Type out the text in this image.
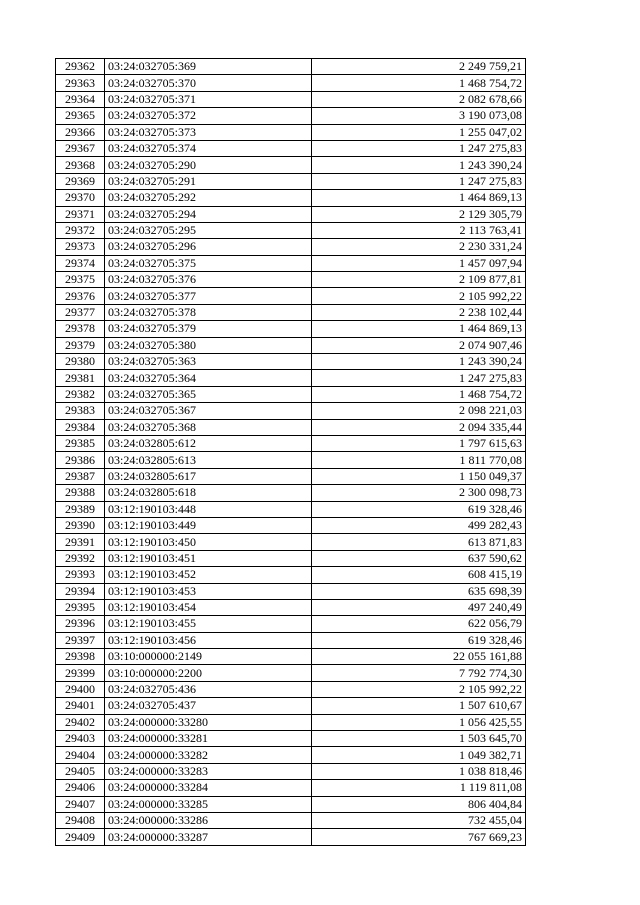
29362	03:24:032705:369	2 249 759,21
29363	03:24:032705:370	1 468 754,72
29364	03:24:032705:371	2 082 678,66
29365	03:24:032705:372	3 190 073,08
29366	03:24:032705:373	1 255 047,02
29367	03:24:032705:374	1 247 275,83
29368	03:24:032705:290	1 243 390,24
29369	03:24:032705:291	1 247 275,83
29370	03:24:032705:292	1 464 869,13
29371	03:24:032705:294	2 129 305,79
29372	03:24:032705:295	2 113 763,41
29373	03:24:032705:296	2 230 331,24
29374	03:24:032705:375	1 457 097,94
29375	03:24:032705:376	2 109 877,81
29376	03:24:032705:377	2 105 992,22
29377	03:24:032705:378	2 238 102,44
29378	03:24:032705:379	1 464 869,13
29379	03:24:032705:380	2 074 907,46
29380	03:24:032705:363	1 243 390,24
29381	03:24:032705:364	1 247 275,83
29382	03:24:032705:365	1 468 754,72
29383	03:24:032705:367	2 098 221,03
29384	03:24:032705:368	2 094 335,44
29385	03:24:032805:612	1 797 615,63
29386	03:24:032805:613	1 811 770,08
29387	03:24:032805:617	1 150 049,37
29388	03:24:032805:618	2 300 098,73
29389	03:12:190103:448	619 328,46
29390	03:12:190103:449	499 282,43
29391	03:12:190103:450	613 871,83
29392	03:12:190103:451	637 590,62
29393	03:12:190103:452	608 415,19
29394	03:12:190103:453	635 698,39
29395	03:12:190103:454	497 240,49
29396	03:12:190103:455	622 056,79
29397	03:12:190103:456	619 328,46
29398	03:10:000000:2149	22 055 161,88
29399	03:10:000000:2200	7 792 774,30
29400	03:24:032705:436	2 105 992,22
29401	03:24:032705:437	1 507 610,67
29402	03:24:000000:33280	1 056 425,55
29403	03:24:000000:33281	1 503 645,70
29404	03:24:000000:33282	1 049 382,71
29405	03:24:000000:33283	1 038 818,46
29406	03:24:000000:33284	1 119 811,08
29407	03:24:000000:33285	806 404,84
29408	03:24:000000:33286	732 455,04
29409	03:24:000000:33287	767 669,23
